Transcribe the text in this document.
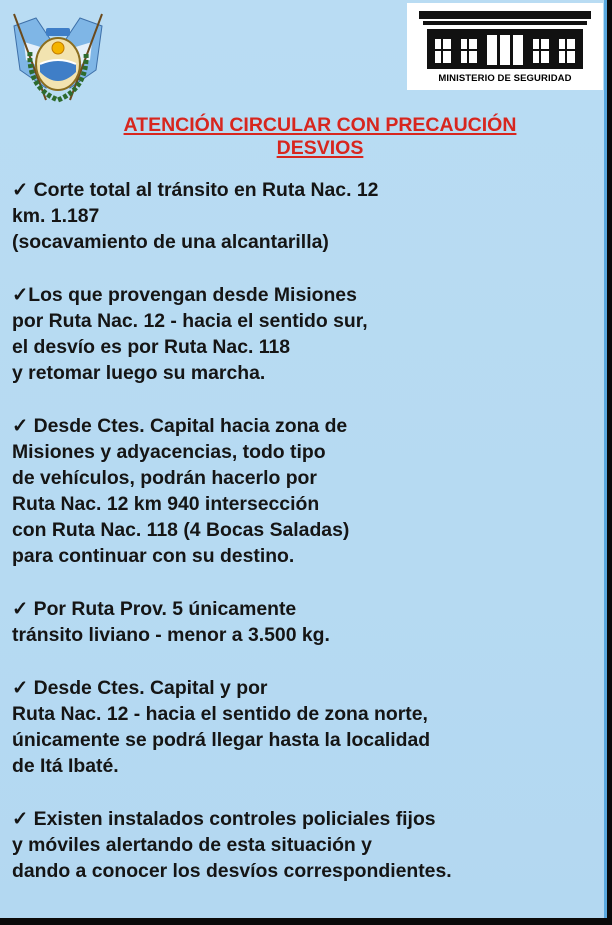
MINISTERIO DE SEGURIDAD
ATENCIÓN CIRCULAR CON PRECAUCIÓN
DESVIOS

✓ Corte total al tránsito en Ruta Nac. 12
km. 1.187
(socavamiento de una alcantarilla)

✓Los que provengan desde Misiones
por Ruta Nac. 12 - hacia el sentido sur,
el desvío es por Ruta Nac. 118
y retomar luego su marcha.

✓ Desde Ctes. Capital hacia zona de
Misiones y adyacencias, todo tipo
de vehículos, podrán hacerlo por
Ruta Nac. 12 km 940 intersección
con Ruta Nac. 118 (4 Bocas Saladas)
para continuar con su destino.

✓ Por Ruta Prov. 5 únicamente
tránsito liviano - menor a 3.500 kg.

✓ Desde Ctes. Capital y por
Ruta Nac. 12 - hacia el sentido de zona norte,
únicamente se podrá llegar hasta la localidad
de Itá Ibaté.

✓ Existen instalados controles policiales fijos
y móviles alertando de esta situación y
dando a conocer los desvíos correspondientes.
